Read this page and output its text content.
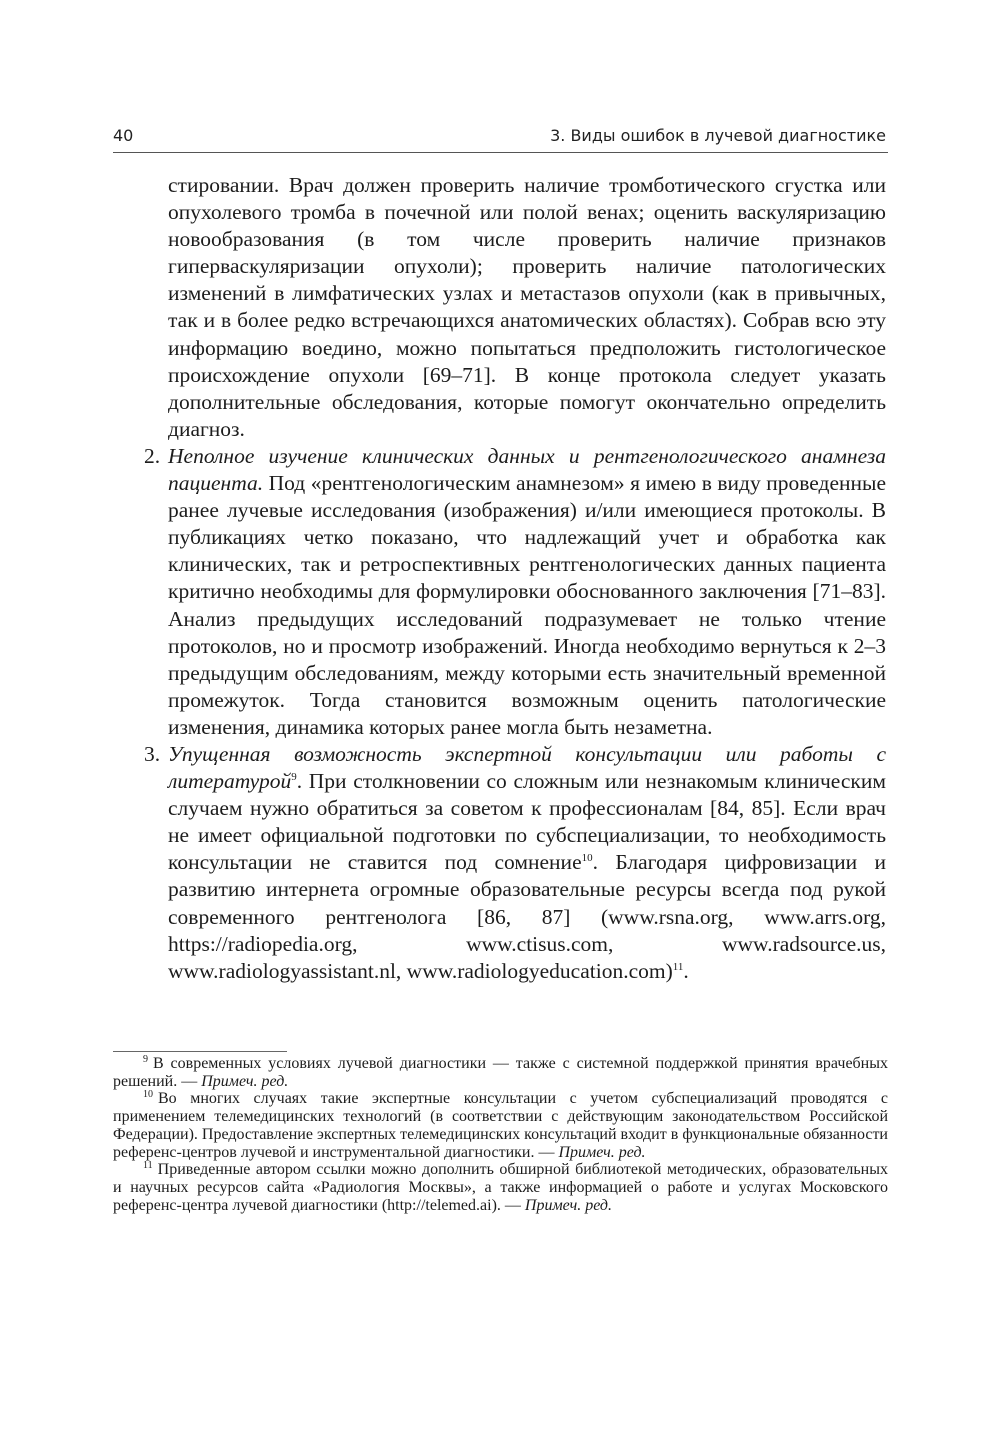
40	3. Виды ошибок в лучевой диагностике

стировании. Врач должен проверить наличие тромботического сгустка или опухолевого тромба в почечной или полой венах; оценить васкуляризацию новообразования (в том числе проверить наличие признаков гиперваскуляризации опухоли); проверить наличие патологических изменений в лимфатических узлах и метастазов опухоли (как в привычных, так и в более редко встречающихся анатомических областях). Собрав всю эту информацию воедино, можно попытаться предположить гистологическое происхождение опухоли [69–71]. В конце протокола следует указать дополнительные обследования, которые помогут окончательно определить диагноз.

2. Неполное изучение клинических данных и рентгенологического анамнеза пациента. Под «рентгенологическим анамнезом» я имею в виду проведенные ранее лучевые исследования (изображения) и/или имеющиеся протоколы. В публикациях четко показано, что надлежащий учет и обработка как клинических, так и ретроспективных рентгенологических данных пациента критично необходимы для формулировки обоснованного заключения [71–83]. Анализ предыдущих исследований подразумевает не только чтение протоколов, но и просмотр изображений. Иногда необходимо вернуться к 2–3 предыдущим обследованиям, между которыми есть значительный временной промежуток. Тогда становится возможным оценить патологические изменения, динамика которых ранее могла быть незаметна.
3. Упущенная возможность экспертной консультации или работы с литературой$^9$. При столкновении со сложным или незнакомым клиническим случаем нужно обратиться за советом к профессионалам [84, 85]. Если врач не имеет официальной подготовки по субспециализации, то необходимость консультации не ставится под сомнение$^{10}$. Благодаря цифровизации и развитию интернета огромные образовательные ресурсы всегда под рукой современного рентгенолога [86, 87] (www.rsna.org, www.arrs.org, https://radiopedia.org, www.ctisus.com, www.radsource.us, www.radiologyassistant.nl, www.radiologyeducation.com)$^{11}$.

$^9$ В современных условиях лучевой диагностики — также с системной поддержкой принятия врачебных решений. — Примеч. ред.

$^{10}$ Во многих случаях такие экспертные консультации с учетом субспециализаций проводятся с применением телемедицинских технологий (в соответствии с действующим законодательством Российской Федерации). Предоставление экспертных телемедицинских консультаций входит в функциональные обязанности референс-центров лучевой и инструментальной диагностики. — Примеч. ред.

$^{11}$ Приведенные автором ссылки можно дополнить обширной библиотекой методических, образовательных и научных ресурсов сайта «Радиология Москвы», а также информацией о работе и услугах Московского референс-центра лучевой диагностики (http://telemed.ai). — Примеч. ред.
